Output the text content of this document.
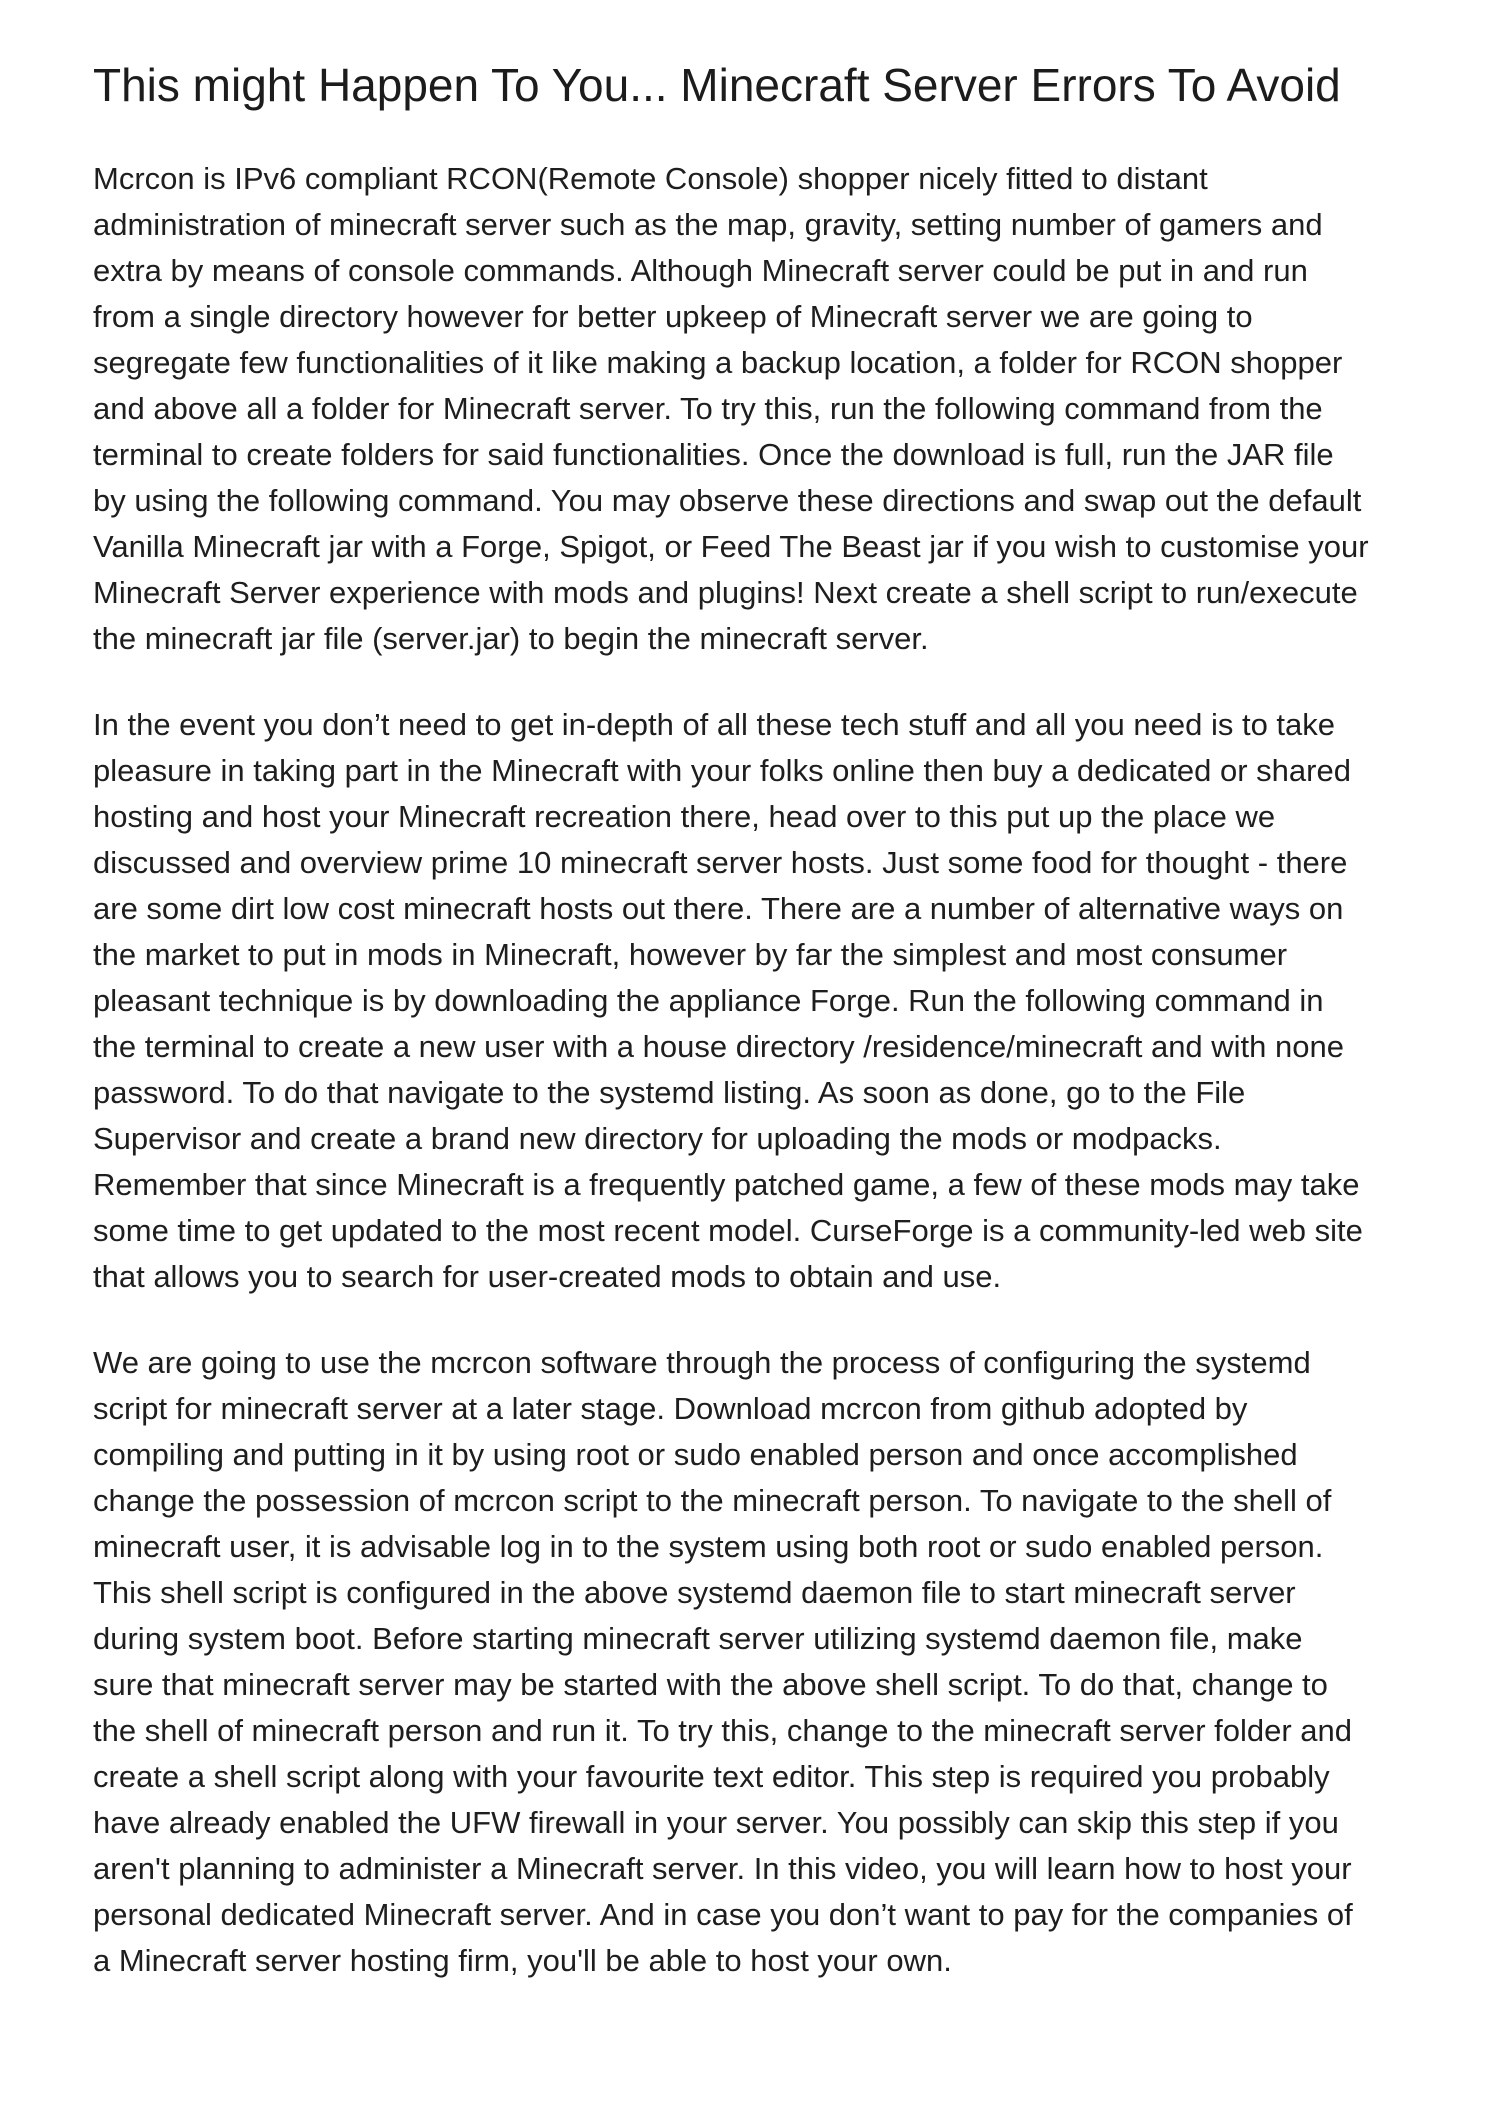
This might Happen To You... Minecraft Server Errors To Avoid

Mcrcon is IPv6 compliant RCON(Remote Console) shopper nicely fitted to distant administration of minecraft server such as the map, gravity, setting number of gamers and extra by means of console commands. Although Minecraft server could be put in and run from a single directory however for better upkeep of Minecraft server we are going to segregate few functionalities of it like making a backup location, a folder for RCON shopper and above all a folder for Minecraft server. To try this, run the following command from the terminal to create folders for said functionalities. Once the download is full, run the JAR file by using the following command. You may observe these directions and swap out the default Vanilla Minecraft jar with a Forge, Spigot, or Feed The Beast jar if you wish to customise your Minecraft Server experience with mods and plugins! Next create a shell script to run/execute the minecraft jar file (server.jar) to begin the minecraft server.

In the event you don’t need to get in-depth of all these tech stuff and all you need is to take pleasure in taking part in the Minecraft with your folks online then buy a dedicated or shared hosting and host your Minecraft recreation there, head over to this put up the place we discussed and overview prime 10 minecraft server hosts. Just some food for thought - there are some dirt low cost minecraft hosts out there. There are a number of alternative ways on the market to put in mods in Minecraft, however by far the simplest and most consumer pleasant technique is by downloading the appliance Forge. Run the following command in the terminal to create a new user with a house directory /residence/minecraft and with none password. To do that navigate to the systemd listing. As soon as done, go to the File Supervisor and create a brand new directory for uploading the mods or modpacks. Remember that since Minecraft is a frequently patched game, a few of these mods may take some time to get updated to the most recent model. CurseForge is a community-led web site that allows you to search for user-created mods to obtain and use.

We are going to use the mcrcon software through the process of configuring the systemd script for minecraft server at a later stage. Download mcrcon from github adopted by compiling and putting in it by using root or sudo enabled person and once accomplished change the possession of mcrcon script to the minecraft person. To navigate to the shell of minecraft user, it is advisable log in to the system using both root or sudo enabled person. This shell script is configured in the above systemd daemon file to start minecraft server during system boot. Before starting minecraft server utilizing systemd daemon file, make sure that minecraft server may be started with the above shell script. To do that, change to the shell of minecraft person and run it. To try this, change to the minecraft server folder and create a shell script along with your favourite text editor. This step is required you probably have already enabled the UFW firewall in your server. You possibly can skip this step if you aren't planning to administer a Minecraft server. In this video, you will learn how to host your personal dedicated Minecraft server. And in case you don’t want to pay for the companies of a Minecraft server hosting firm, you'll be able to host your own.
